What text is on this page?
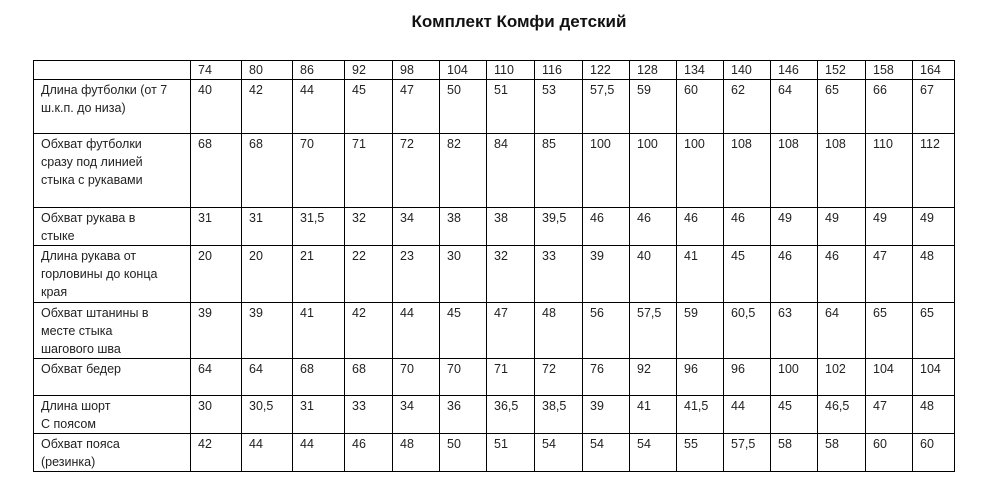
Комплект Комфи детский
	74	80	86	92	98	104	110	116	122	128	134	140	146	152	158	164

Длина футболки (от 7
ш.к.п. до низа)	40	42	44	45	47	50	51	53	57,5	59	60	62	64	65	66	67

Обхват футболки
сразу под линией
стыка с рукавами	68	68	70	71	72	82	84	85	100	100	100	108	108	108	110	112

Обхват рукава в
стыке	31	31	31,5	32	34	38	38	39,5	46	46	46	46	49	49	49	49

Длина рукава от
горловины до конца
края	20	20	21	22	23	30	32	33	39	40	41	45	46	46	47	48

Обхват штанины в
месте стыка
шагового шва	39	39	41	42	44	45	47	48	56	57,5	59	60,5	63	64	65	65

Обхват бедер	64	64	68	68	70	70	71	72	76	92	96	96	100	102	104	104

Длина шорт
С поясом	30	30,5	31	33	34	36	36,5	38,5	39	41	41,5	44	45	46,5	47	48

Обхват пояса
(резинка)	42	44	44	46	48	50	51	54	54	54	55	57,5	58	58	60	60
